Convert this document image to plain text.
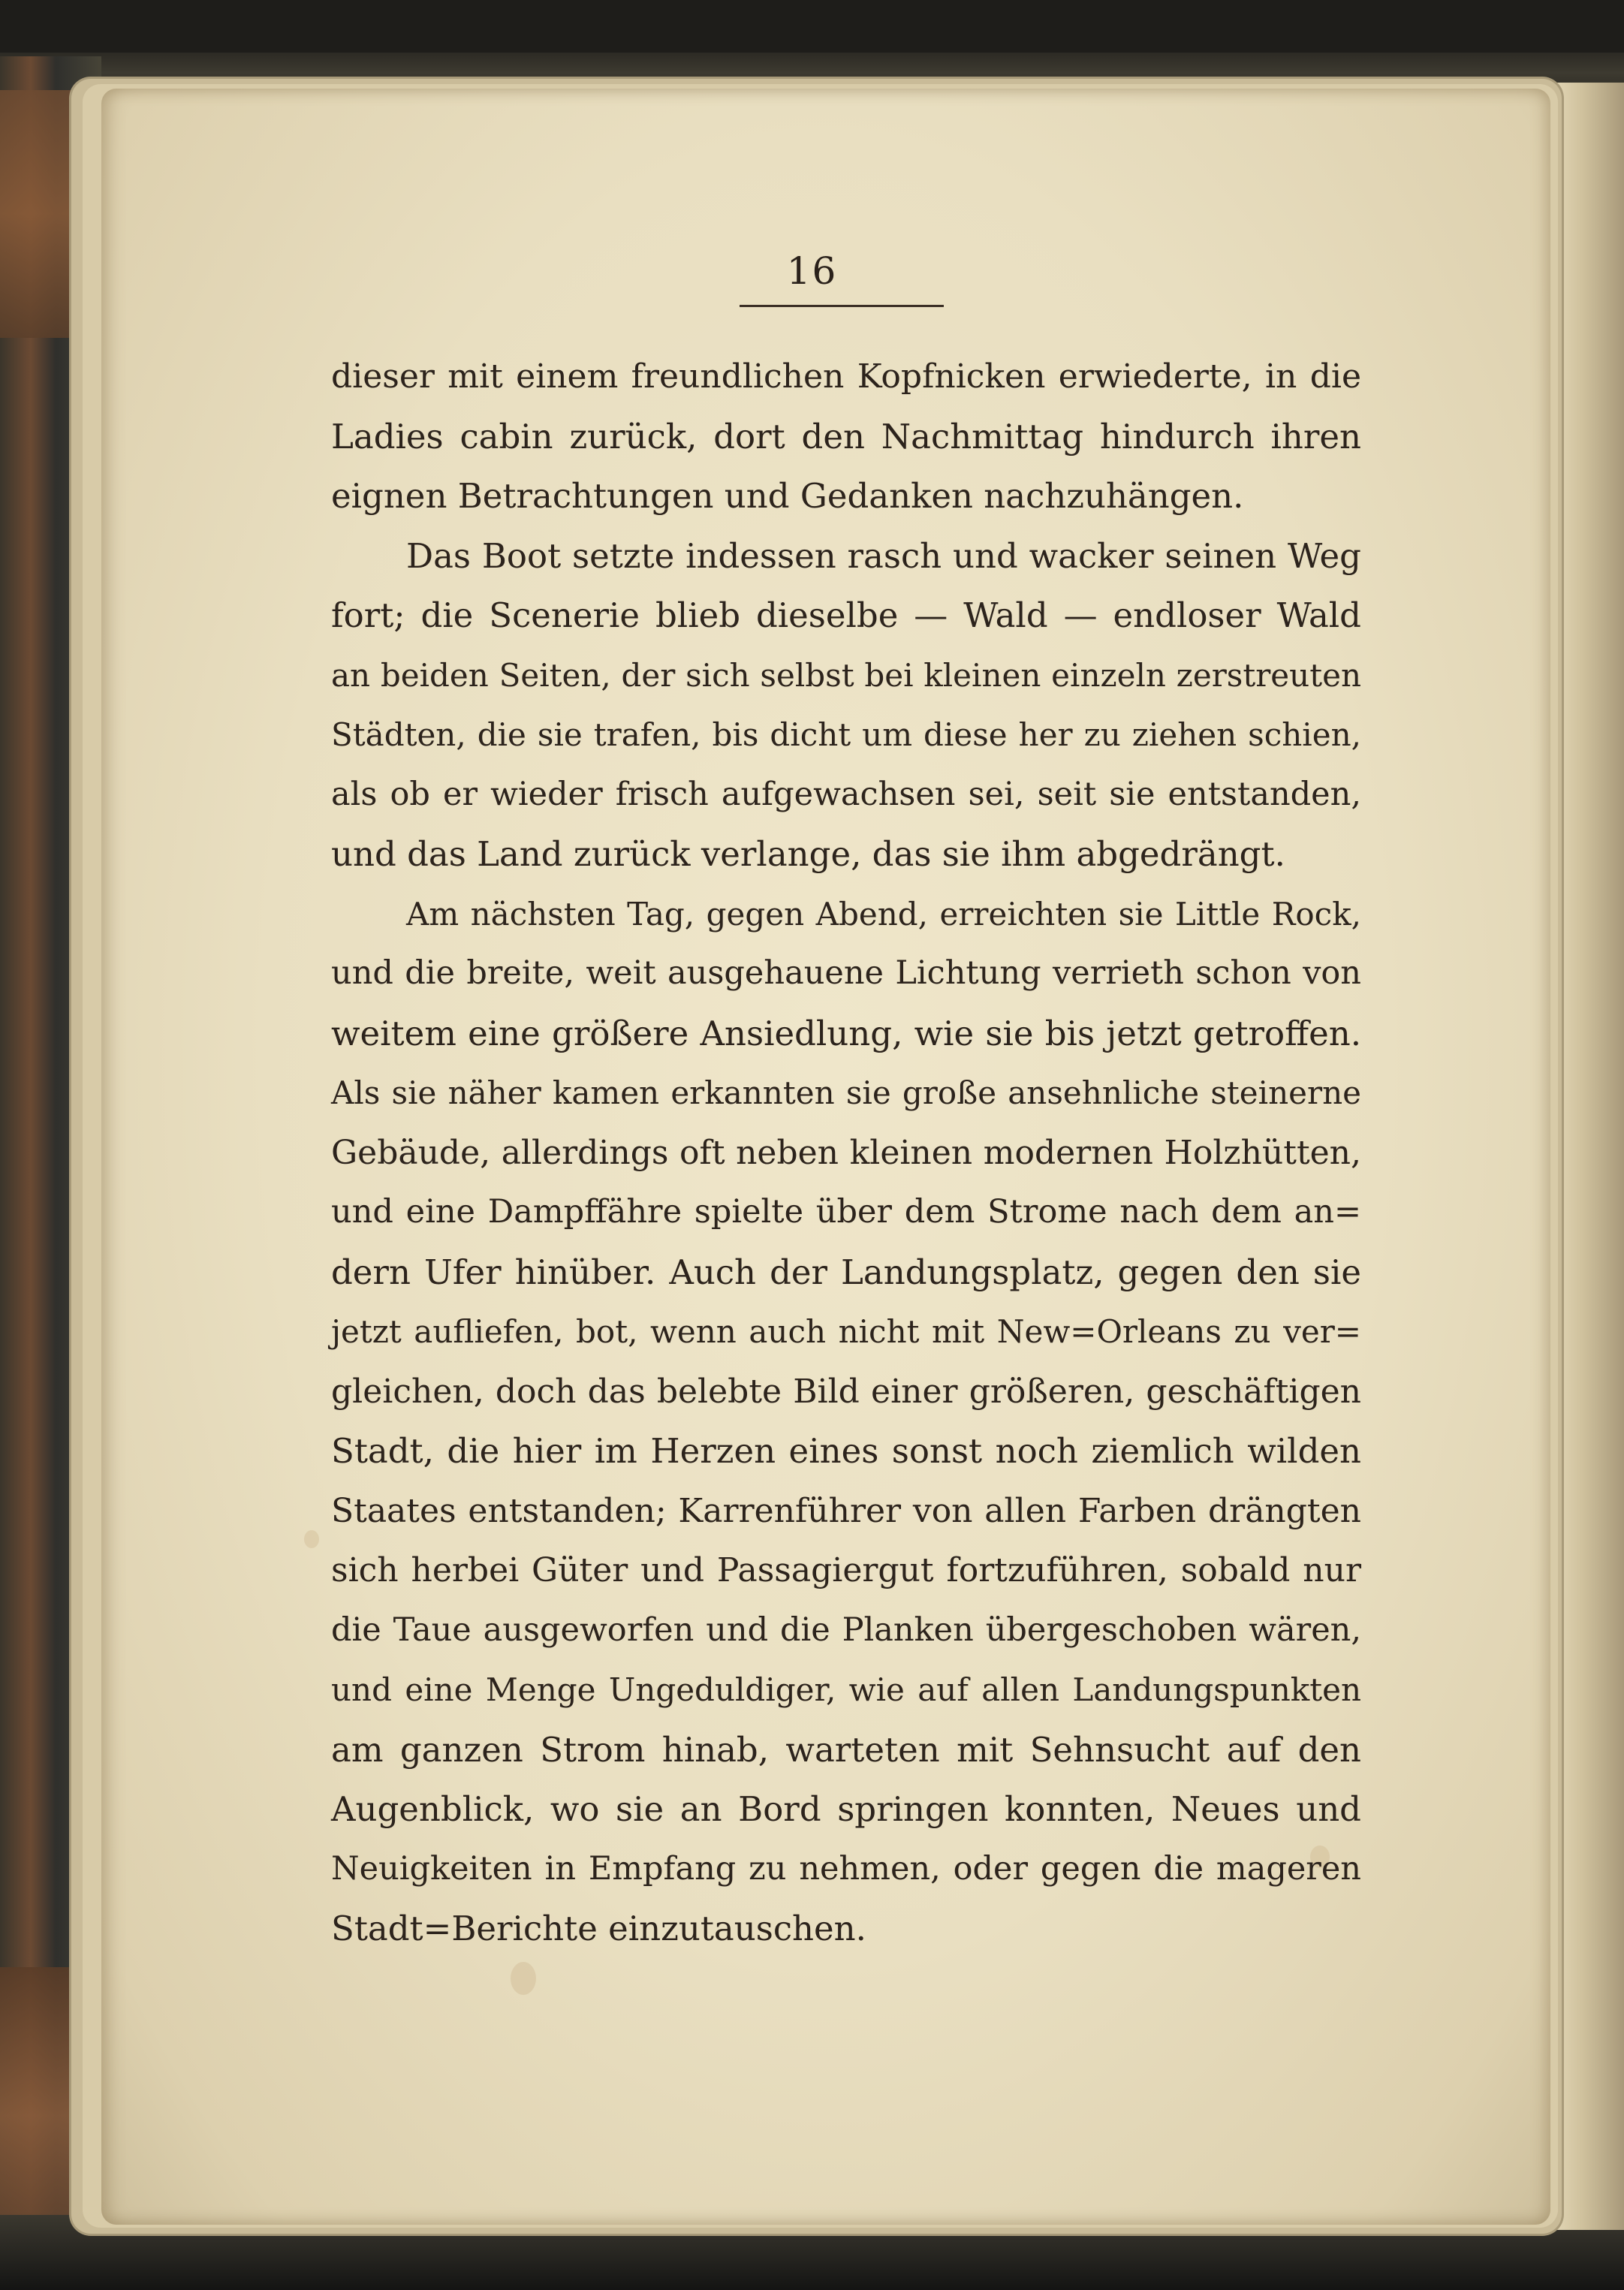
16
dieser mit einem freundlichen Kopfnicken erwiederte, in die
Ladies cabin zurück, dort den Nachmittag hindurch ihren
eignen Betrachtungen und Gedanken nachzuhängen.
Das Boot setzte indessen rasch und wacker seinen Weg
fort; die Scenerie blieb dieselbe — Wald — endloser Wald
an beiden Seiten, der sich selbst bei kleinen einzeln zerstreuten
Städten, die sie trafen, bis dicht um diese her zu ziehen schien,
als ob er wieder frisch aufgewachsen sei, seit sie entstanden,
und das Land zurück verlange, das sie ihm abgedrängt.
Am nächsten Tag, gegen Abend, erreichten sie Little Rock,
und die breite, weit ausgehauene Lichtung verrieth schon von
weitem eine größere Ansiedlung, wie sie bis jetzt getroffen.
Als sie näher kamen erkannten sie große ansehnliche steinerne
Gebäude, allerdings oft neben kleinen modernen Holzhütten,
und eine Dampffähre spielte über dem Strome nach dem an=
dern Ufer hinüber. Auch der Landungsplatz, gegen den sie
jetzt aufliefen, bot, wenn auch nicht mit New=Orleans zu ver=
gleichen, doch das belebte Bild einer größeren, geschäftigen
Stadt, die hier im Herzen eines sonst noch ziemlich wilden
Staates entstanden; Karrenführer von allen Farben drängten
sich herbei Güter und Passagiergut fortzuführen, sobald nur
die Taue ausgeworfen und die Planken übergeschoben wären,
und eine Menge Ungeduldiger, wie auf allen Landungspunkten
am ganzen Strom hinab, warteten mit Sehnsucht auf den
Augenblick, wo sie an Bord springen konnten, Neues und
Neuigkeiten in Empfang zu nehmen, oder gegen die mageren
Stadt=Berichte einzutauschen.
